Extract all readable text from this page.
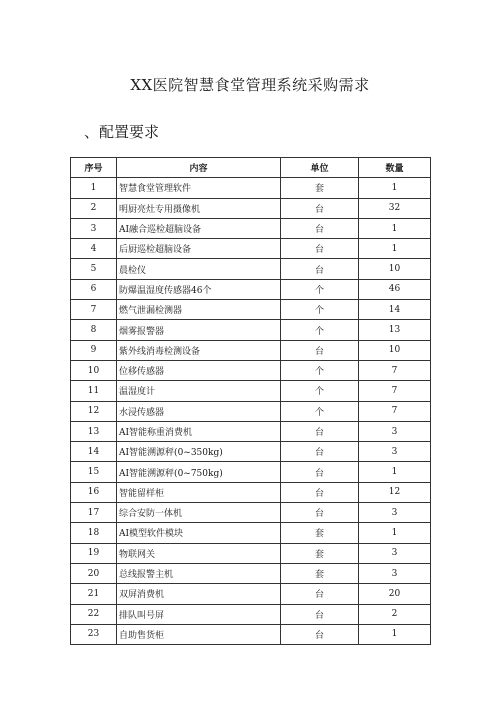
XX医院智慧食堂管理系统采购需求
、配置要求
序号	内容	单位	数量
1	智慧食堂管理软件	套	1
2	明厨亮灶专用摄像机	台	32
3	AI融合巡检超脑设备	台	1
4	后厨巡检超脑设备	台	1
5	晨检仪	台	10
6	防爆温湿度传感器46个	个	46
7	燃气泄漏检测器	个	14
8	烟雾报警器	个	13
9	紫外线消毒检测设备	台	10
10	位移传感器	个	7
11	温湿度计	个	7
12	水浸传感器	个	7
13	AI智能称重消费机	台	3
14	AI智能溯源秤(0~350kg)	台	3
15	AI智能溯源秤(0~750kg)	台	1
16	智能留样柜	台	12
17	综合安防一体机	台	3
18	AI模型软件模块	套	1
19	物联网关	套	3
20	总线报警主机	套	3
21	双屏消费机	台	20
22	排队叫号屏	台	2
23	自助售货柜	台	1
